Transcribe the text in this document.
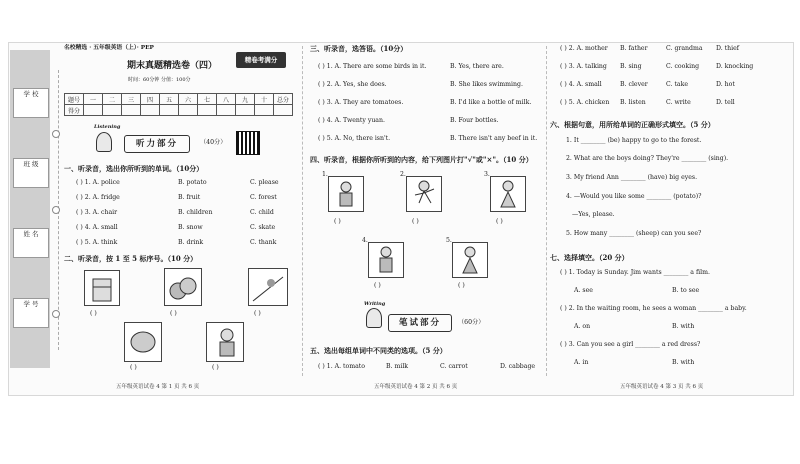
学 校
班 级
姓 名
学 号
名校精选 · 五年级英语（上）· PEP
期末真题精选卷（四）
精卷考满分
时间：60分钟 分值：100分
题号	一	二	三	四	五	六	七	八	九	十	总分
得分											
Listening
听力部分	（40分）
一、听录音，选出你所听到的单词。（10分）
( ) 1. A. police	B. potato	C. please
( ) 2. A. fridge	B. fruit	C. forest
( ) 3. A. chair	B. children	C. child
( ) 4. A. small	B. snow	C. skate
( ) 5. A. think	B. drink	C. thank
二、听录音，按 1 至 5 标序号。（10 分）
( )	( )	( )
( )	( )
三、听录音，选答语。（10分）
( ) 1. A. There are some birds in it.	B. Yes, there are.
( ) 2. A. Yes, she does.	B. She likes swimming.
( ) 3. A. They are tomatoes.	B. I'd like a bottle of milk.
( ) 4. A. Twenty yuan.	B. Four bottles.
( ) 5. A. No, there isn't.	B. There isn't any beef in it.
四、听录音，根据你所听到的内容，给下列图片打"√"或"×"。（10 分）
1.	2.	3.
( )	( )	( )
4.	5.
( )	( )
Writing
笔试部分	（60分）
五、选出每组单词中不同类的选项。（5 分）
( ) 1. A. tomato	B. milk	C. carrot	D. cabbage
( ) 2. A. mother B. father	C. grandma D. thief
( ) 3. A. talking B. sing	C. cooking	D. knocking
( ) 4. A. small	B. clever	C. take	D. hot
( ) 5. A. chicken B. listen	C. write	D. tell
六、根据句意，用所给单词的正确形式填空。（5 分）
1. It ________ (be) happy to go to the forest.
2. What are the boys doing? They're ________ (sing).
3. My friend Ann ________ (have) big eyes.
4. —Would you like some ________ (potato)?
—Yes, please.
5. How many ________ (sheep) can you see?
七、选择填空。（20 分）
( ) 1. Today is Sunday. Jim wants ________ a film.
A. see	B. to see
( ) 2. In the waiting room, he sees a woman ________ a baby.
A. on	B. with
( ) 3. Can you see a girl ________ a red dress?
A. in	B. with
五年级英语试卷 4 第 1 页 共 6 页	五年级英语试卷 4 第 2 页 共 6 页	五年级英语试卷 4 第 3 页 共 6 页
